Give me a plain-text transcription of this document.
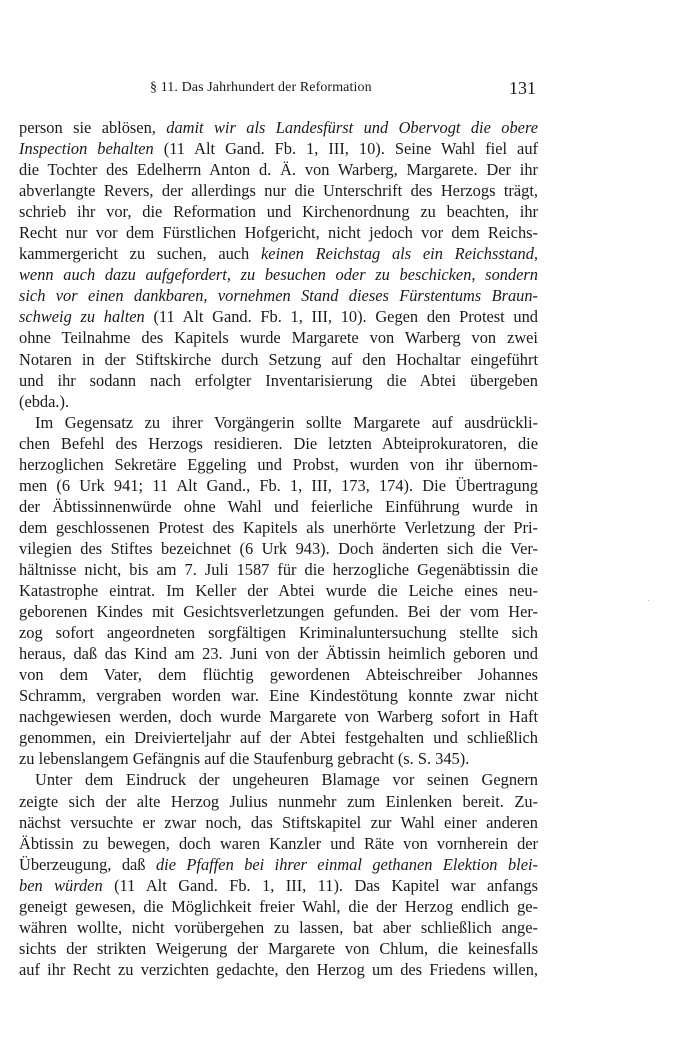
§ 11. Das Jahrhundert der Reformation	131
person sie ablösen, damit wir als Landesfürst und Obervogt die obere
Inspection behalten (11 Alt Gand. Fb. 1, III, 10). Seine Wahl fiel auf
die Tochter des Edelherrn Anton d. Ä. von Warberg, Margarete. Der ihr
abverlangte Revers, der allerdings nur die Unterschrift des Herzogs trägt,
schrieb ihr vor, die Reformation und Kirchenordnung zu beachten, ihr
Recht nur vor dem Fürstlichen Hofgericht, nicht jedoch vor dem Reichs-
kammergericht zu suchen, auch keinen Reichstag als ein Reichsstand,
wenn auch dazu aufgefordert, zu besuchen oder zu beschicken, sondern
sich vor einen dankbaren, vornehmen Stand dieses Fürstentums Braun-
schweig zu halten (11 Alt Gand. Fb. 1, III, 10). Gegen den Protest und
ohne Teilnahme des Kapitels wurde Margarete von Warberg von zwei
Notaren in der Stiftskirche durch Setzung auf den Hochaltar eingeführt
und ihr sodann nach erfolgter Inventarisierung die Abtei übergeben
(ebda.).
Im Gegensatz zu ihrer Vorgängerin sollte Margarete auf ausdrückli-
chen Befehl des Herzogs residieren. Die letzten Abteiprokuratoren, die
herzoglichen Sekretäre Eggeling und Probst, wurden von ihr übernom-
men (6 Urk 941; 11 Alt Gand., Fb. 1, III, 173, 174). Die Übertragung
der Äbtissinnenwürde ohne Wahl und feierliche Einführung wurde in
dem geschlossenen Protest des Kapitels als unerhörte Verletzung der Pri-
vilegien des Stiftes bezeichnet (6 Urk 943). Doch änderten sich die Ver-
hältnisse nicht, bis am 7. Juli 1587 für die herzogliche Gegenäbtissin die
Katastrophe eintrat. Im Keller der Abtei wurde die Leiche eines neu-
geborenen Kindes mit Gesichtsverletzungen gefunden. Bei der vom Her-
zog sofort angeordneten sorgfältigen Kriminaluntersuchung stellte sich
heraus, daß das Kind am 23. Juni von der Äbtissin heimlich geboren und
von dem Vater, dem flüchtig gewordenen Abteischreiber Johannes
Schramm, vergraben worden war. Eine Kindestötung konnte zwar nicht
nachgewiesen werden, doch wurde Margarete von Warberg sofort in Haft
genommen, ein Dreivierteljahr auf der Abtei festgehalten und schließlich
zu lebenslangem Gefängnis auf die Staufenburg gebracht (s. S. 345).
Unter dem Eindruck der ungeheuren Blamage vor seinen Gegnern
zeigte sich der alte Herzog Julius nunmehr zum Einlenken bereit. Zu-
nächst versuchte er zwar noch, das Stiftskapitel zur Wahl einer anderen
Äbtissin zu bewegen, doch waren Kanzler und Räte von vornherein der
Überzeugung, daß die Pfaffen bei ihrer einmal gethanen Elektion blei-
ben würden (11 Alt Gand. Fb. 1, III, 11). Das Kapitel war anfangs
geneigt gewesen, die Möglichkeit freier Wahl, die der Herzog endlich ge-
währen wollte, nicht vorübergehen zu lassen, bat aber schließlich ange-
sichts der strikten Weigerung der Margarete von Chlum, die keinesfalls
auf ihr Recht zu verzichten gedachte, den Herzog um des Friedens willen,
